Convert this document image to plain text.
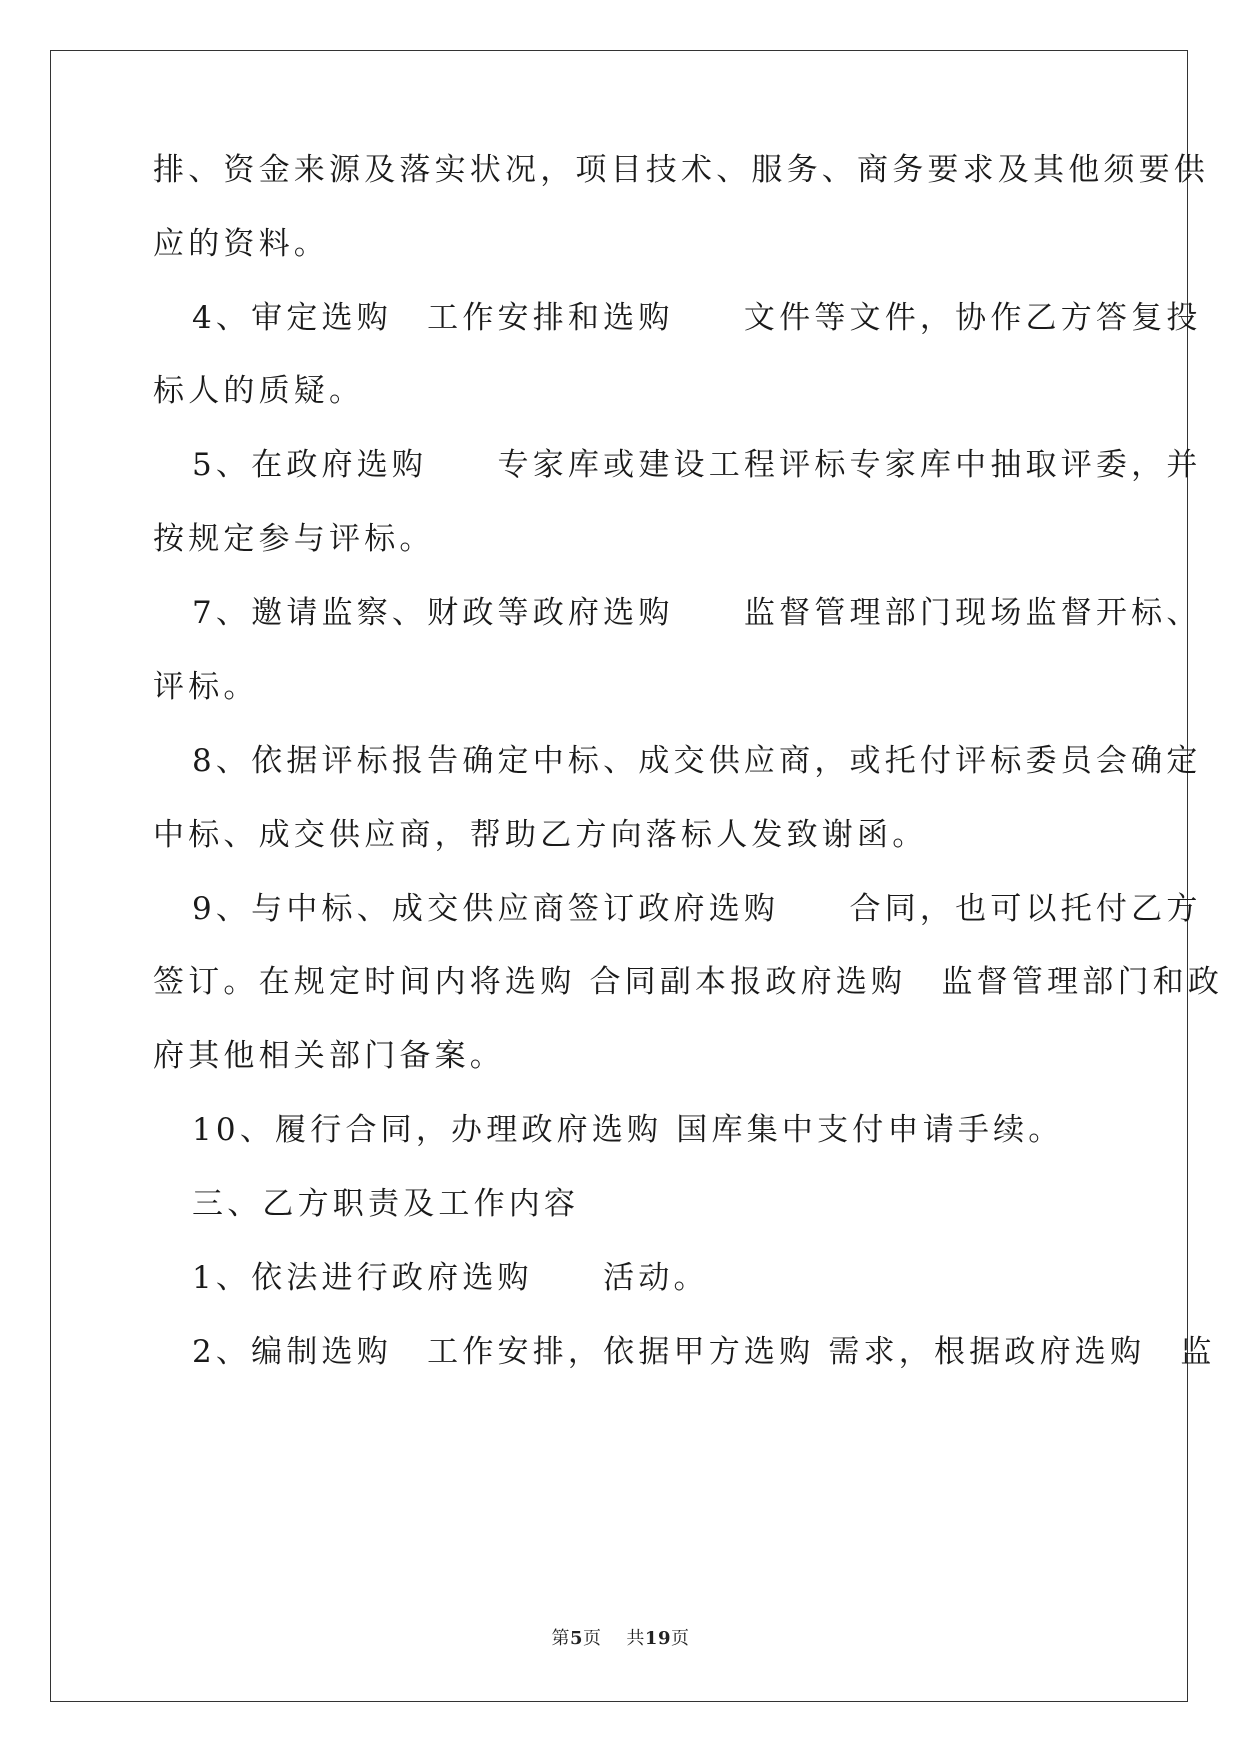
排、资金来源及落实状况，项目技术、服务、商务要求及其他须要供
应的资料。
4、审定选购　工作安排和选购　　文件等文件，协作乙方答复投
标人的质疑。
5、在政府选购　　专家库或建设工程评标专家库中抽取评委，并
按规定参与评标。
7、邀请监察、财政等政府选购　　监督管理部门现场监督开标、
评标。
8、依据评标报告确定中标、成交供应商，或托付评标委员会确定
中标、成交供应商，帮助乙方向落标人发致谢函。
9、与中标、成交供应商签订政府选购　　合同，也可以托付乙方
签订。在规定时间内将选购 合同副本报政府选购　监督管理部门和政
府其他相关部门备案。
10、履行合同，办理政府选购 国库集中支付申请手续。
三、乙方职责及工作内容
1、依法进行政府选购　　活动。
2、编制选购　工作安排，依据甲方选购 需求，根据政府选购　监
第5页 共19页
